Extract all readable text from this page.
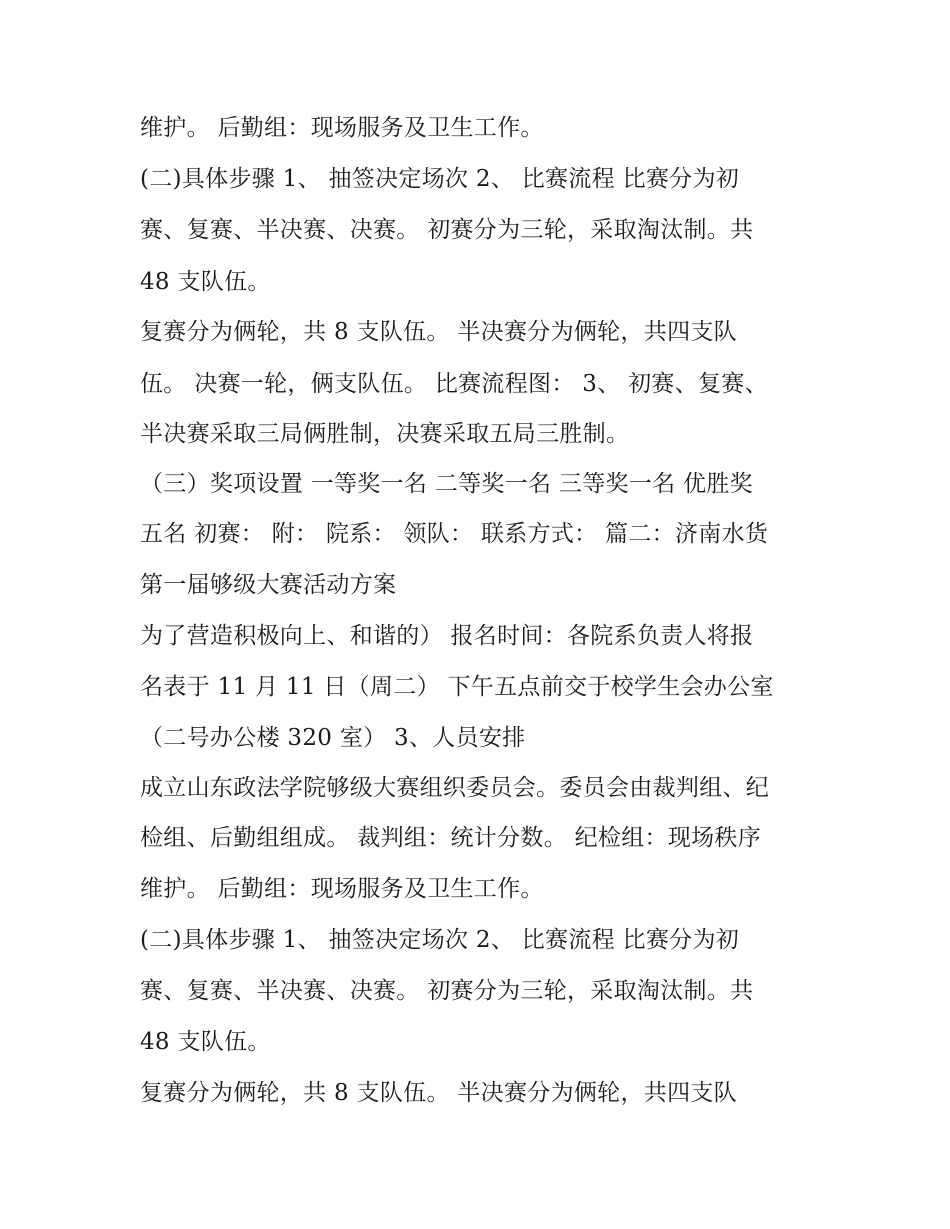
维护。 后勤组：现场服务及卫生工作。
(二)具体步骤 1、 抽签决定场次 2、 比赛流程 比赛分为初
赛、复赛、半决赛、决赛。 初赛分为三轮，采取淘汰制。共
48 支队伍。
复赛分为俩轮，共 8 支队伍。 半决赛分为俩轮，共四支队
伍。 决赛一轮，俩支队伍。 比赛流程图： 3、 初赛、复赛、
半决赛采取三局俩胜制，决赛采取五局三胜制。
（三）奖项设置 一等奖一名 二等奖一名 三等奖一名 优胜奖
五名 初赛： 附： 院系： 领队： 联系方式： 篇二：济南水货
第一届够级大赛活动方案
为了营造积极向上、和谐的） 报名时间：各院系负责人将报
名表于 11 月 11 日（周二） 下午五点前交于校学生会办公室
（二号办公楼 320 室） 3、人员安排
成立山东政法学院够级大赛组织委员会。委员会由裁判组、纪
检组、后勤组组成。 裁判组：统计分数。 纪检组：现场秩序
维护。 后勤组：现场服务及卫生工作。
(二)具体步骤 1、 抽签决定场次 2、 比赛流程 比赛分为初
赛、复赛、半决赛、决赛。 初赛分为三轮，采取淘汰制。共
48 支队伍。
复赛分为俩轮，共 8 支队伍。 半决赛分为俩轮，共四支队
